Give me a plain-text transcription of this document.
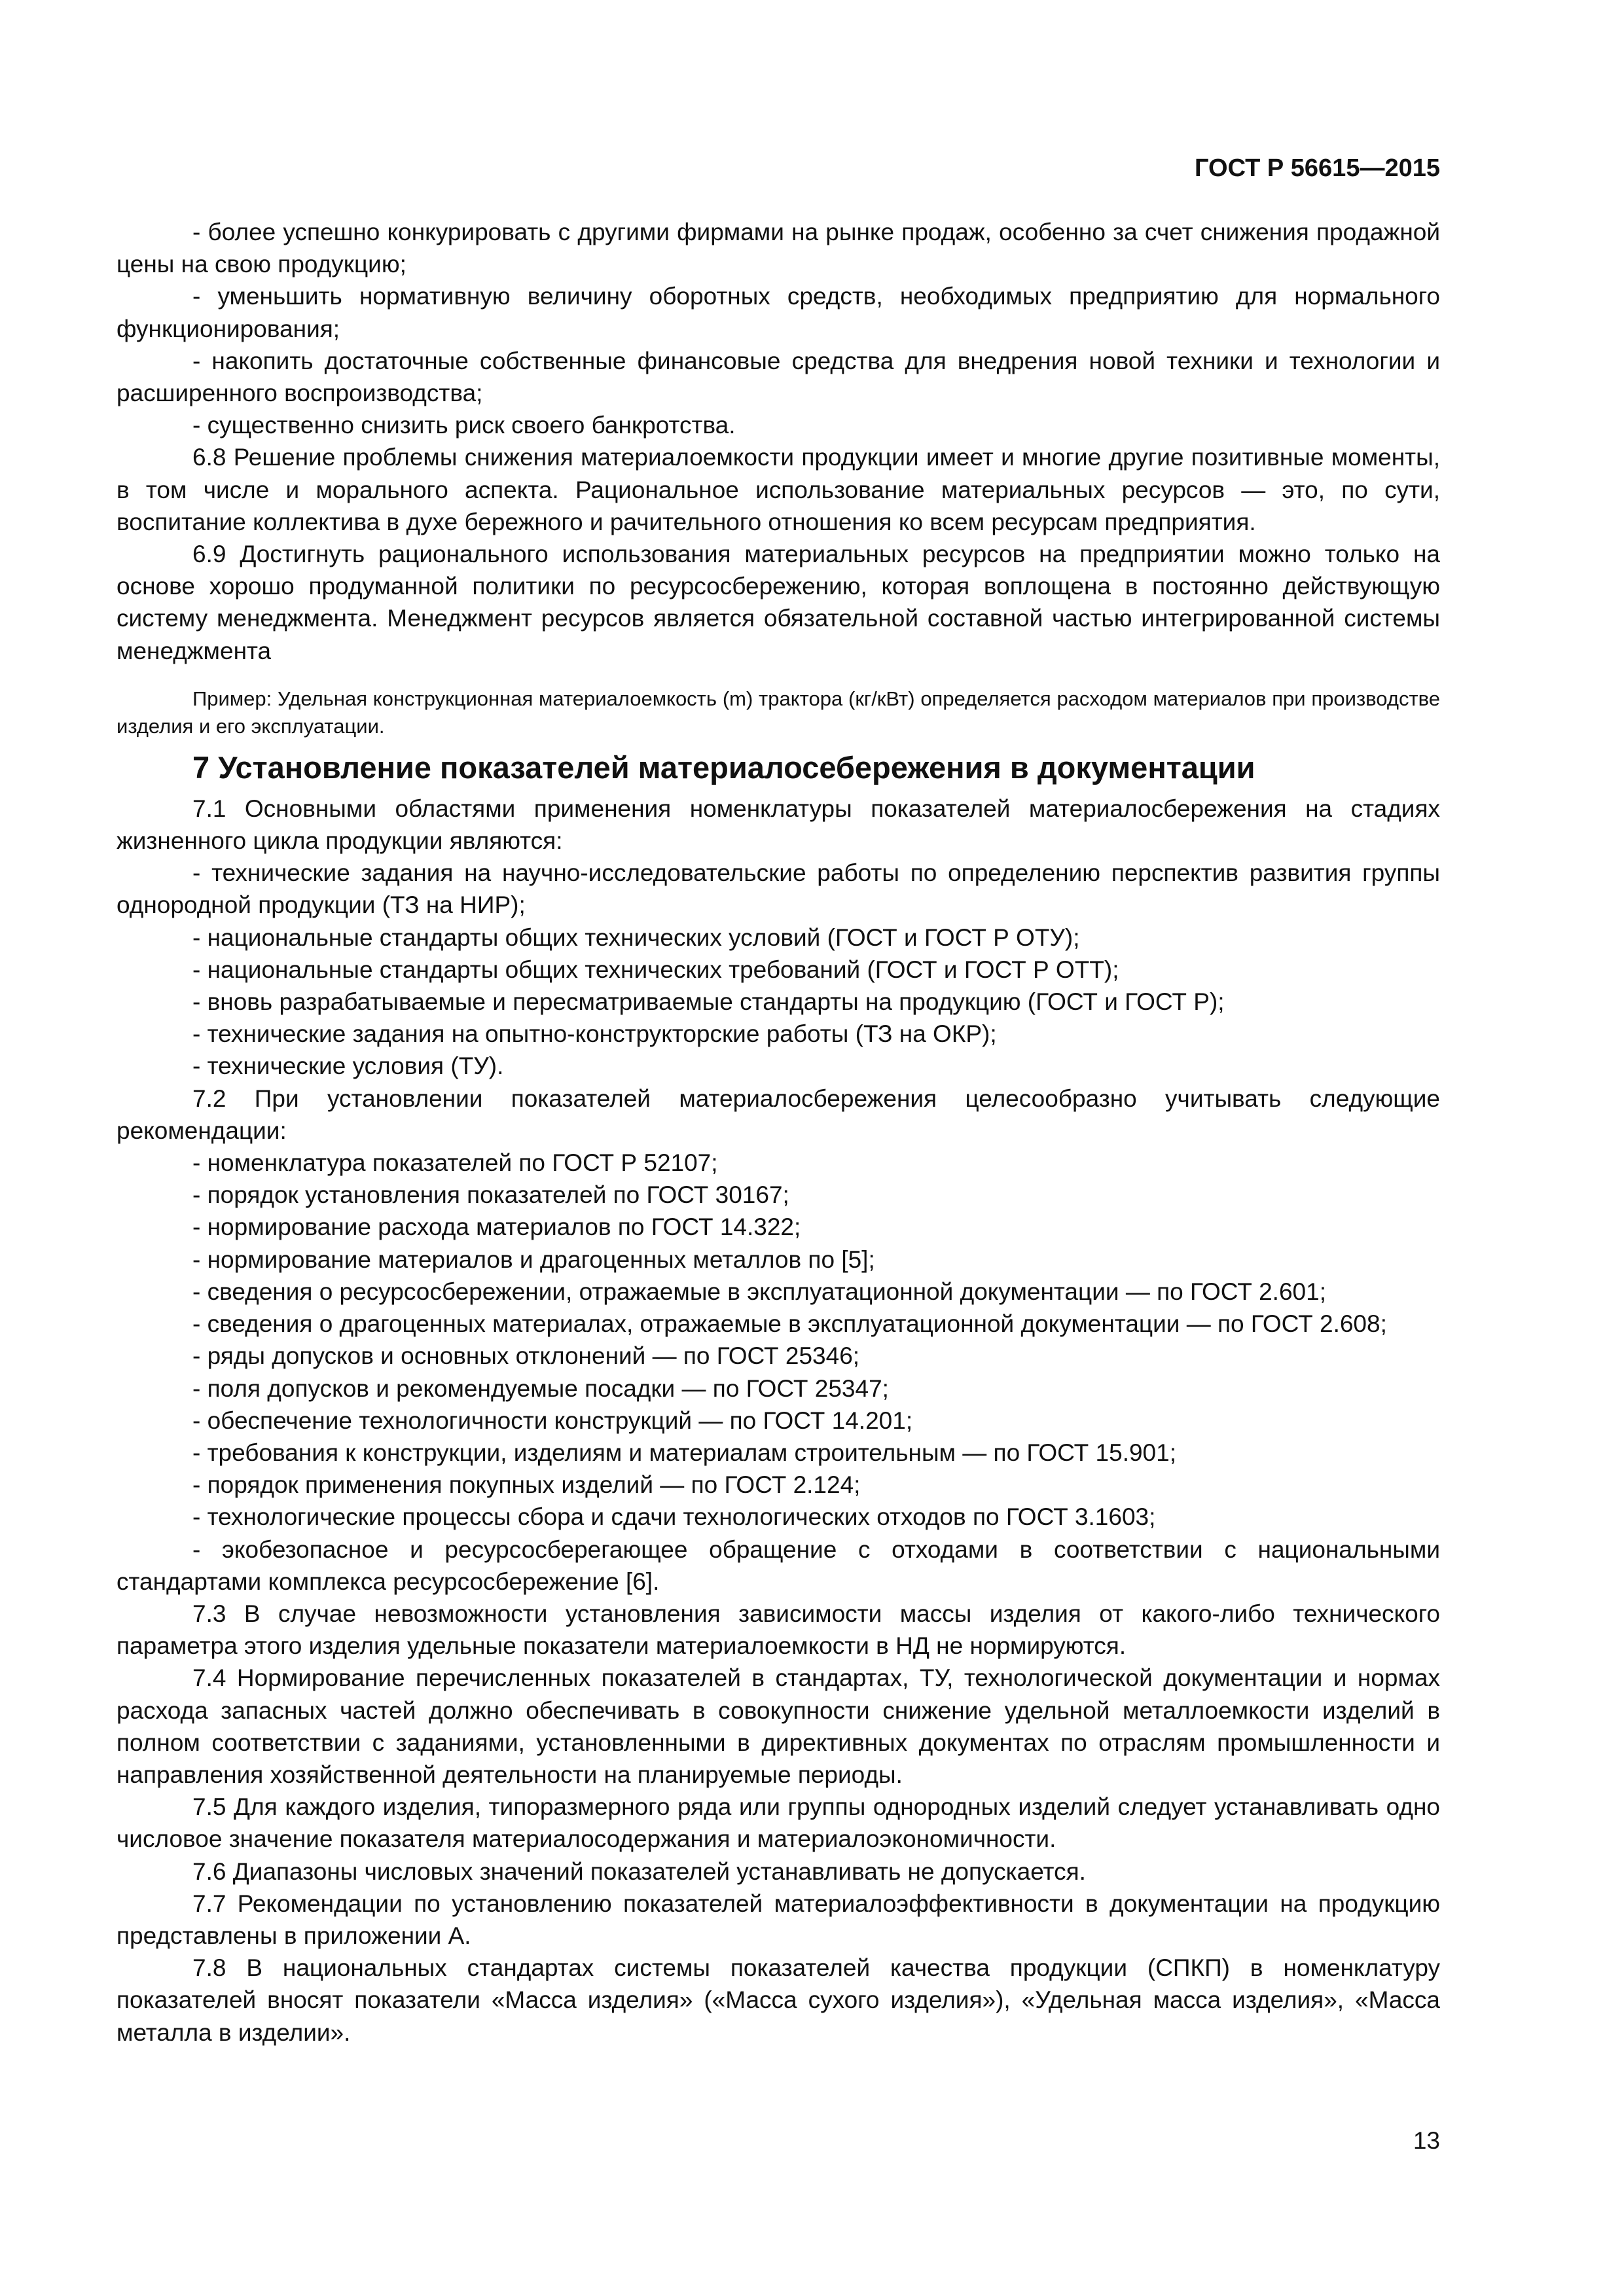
ГОСТ Р 56615—2015

- более успешно конкурировать с другими фирмами на рынке продаж, особенно за счет снижения продажной цены на свою продукцию;

- уменьшить нормативную величину оборотных средств, необходимых предприятию для нормального функционирования;

- накопить достаточные собственные финансовые средства для внедрения новой техники и технологии и расширенного воспроизводства;

- существенно снизить риск своего банкротства.

6.8 Решение проблемы снижения материалоемкости продукции имеет и многие другие позитивные моменты, в том числе и морального аспекта. Рациональное использование материальных ресурсов — это, по сути, воспитание коллектива в духе бережного и рачительного отношения ко всем ресурсам предприятия.

6.9 Достигнуть рационального использования материальных ресурсов на предприятии можно только на основе хорошо продуманной политики по ресурсосбережению, которая воплощена в постоянно действующую систему менеджмента. Менеджмент ресурсов является обязательной составной частью интегрированной системы менеджмента

Пример: Удельная конструкционная материалоемкость (m) трактора (кг/кВт) определяется расходом материалов при производстве изделия и его эксплуатации.

7 Установление показателей материалосебережения в документации

7.1 Основными областями применения номенклатуры показателей материалосбережения на стадиях жизненного цикла продукции являются:

- технические задания на научно-исследовательские работы по определению перспектив развития группы однородной продукции (ТЗ на НИР);

- национальные стандарты общих технических условий (ГОСТ и ГОСТ Р ОТУ);

- национальные стандарты общих технических требований (ГОСТ и ГОСТ Р ОТТ);

- вновь разрабатываемые и пересматриваемые стандарты на продукцию (ГОСТ и ГОСТ Р);

- технические задания на опытно-конструкторские работы (ТЗ на ОКР);

- технические условия (ТУ).

7.2 При установлении показателей материалосбережения целесообразно учитывать следующие рекомендации:

- номенклатура показателей по ГОСТ Р 52107;

- порядок установления показателей по ГОСТ 30167;

- нормирование расхода материалов по ГОСТ 14.322;

- нормирование материалов и драгоценных металлов по [5];

- сведения о ресурсосбережении, отражаемые в эксплуатационной документации — по ГОСТ 2.601;

- сведения о драгоценных материалах, отражаемые в эксплуатационной документации — по ГОСТ 2.608;

- ряды допусков и основных отклонений — по ГОСТ 25346;

- поля допусков и рекомендуемые посадки — по ГОСТ 25347;

- обеспечение технологичности конструкций — по ГОСТ 14.201;

- требования к конструкции, изделиям и материалам строительным — по ГОСТ 15.901;

- порядок применения покупных изделий — по ГОСТ 2.124;

- технологические процессы сбора и сдачи технологических отходов по ГОСТ 3.1603;

- экобезопасное и ресурсосберегающее обращение с отходами в соответствии с национальными стандартами комплекса ресурсосбережение [6].

7.3 В случае невозможности установления зависимости массы изделия от какого-либо технического параметра этого изделия удельные показатели материалоемкости в НД не нормируются.

7.4 Нормирование перечисленных показателей в стандартах, ТУ, технологической документации и нормах расхода запасных частей должно обеспечивать в совокупности снижение удельной металлоемкости изделий в полном соответствии с заданиями, установленными в директивных документах по отраслям промышленности и направления хозяйственной деятельности на планируемые периоды.

7.5 Для каждого изделия, типоразмерного ряда или группы однородных изделий следует устанавливать одно числовое значение показателя материалосодержания и материалоэкономичности.

7.6 Диапазоны числовых значений показателей устанавливать не допускается.

7.7 Рекомендации по установлению показателей материалоэффективности в документации на продукцию представлены в приложении А.

7.8 В национальных стандартах системы показателей качества продукции (СПКП) в номенклатуру показателей вносят показатели «Масса изделия» («Масса сухого изделия»), «Удельная масса изделия», «Масса металла в изделии».

13
